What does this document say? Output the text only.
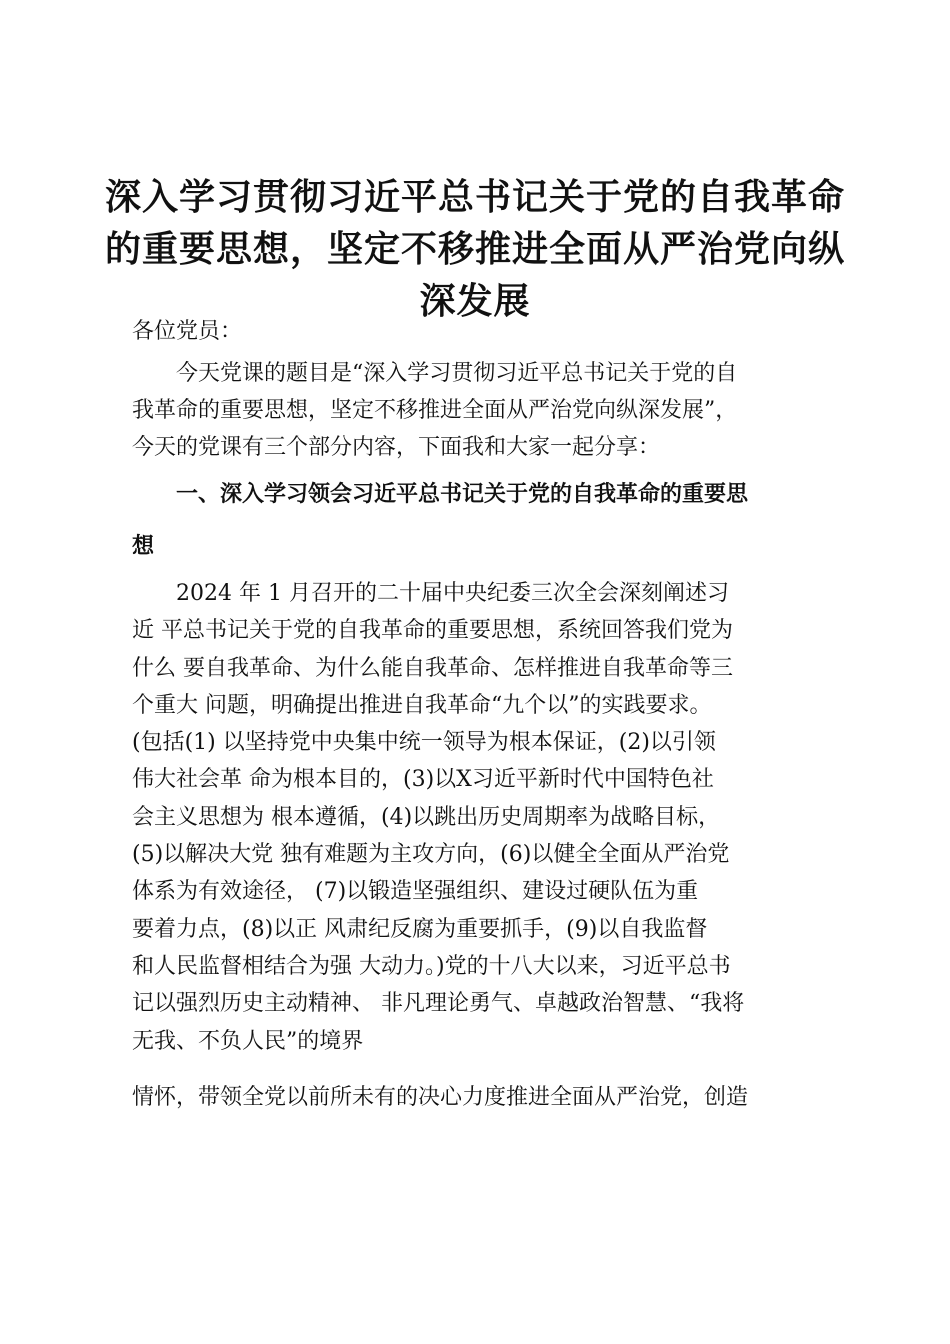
深入学习贯彻习近平总书记关于党的自我革命
的重要思想，坚定不移推进全面从严治党向纵
深发展
各位党员：
今天党课的题目是“深入学习贯彻习近平总书记关于党的自
我革命的重要思想，坚定不移推进全面从严治党向纵深发展”，
今天的党课有三个部分内容，下面我和大家一起分享：
一、深入学习领会习近平总书记关于党的自我革命的重要思
想
2024 年 1 月召开的二十届中央纪委三次全会深刻阐述习
近 平总书记关于党的自我革命的重要思想，系统回答我们党为
什么 要自我革命、为什么能自我革命、怎样推进自我革命等三
个重大 问题，明确提出推进自我革命“九个以”的实践要求。
(包括(1) 以坚持党中央集中统一领导为根本保证，(2)以引领
伟大社会革 命为根本目的，(3)以Ⅹ习近平新时代中国特色社
会主义思想为 根本遵循，(4)以跳出历史周期率为战略目标，
(5)以解决大党 独有难题为主攻方向，(6)以健全全面从严治党
体系为有效途径， (7)以锻造坚强组织、建设过硬队伍为重
要着力点，(8)以正 风肃纪反腐为重要抓手，(9)以自我监督
和人民监督相结合为强 大动力。)党的十八大以来，习近平总书
记以强烈历史主动精神、 非凡理论勇气、卓越政治智慧、“我将
无我、不负人民”的境界
情怀，带领全党以前所未有的决心力度推进全面从严治党，创造
